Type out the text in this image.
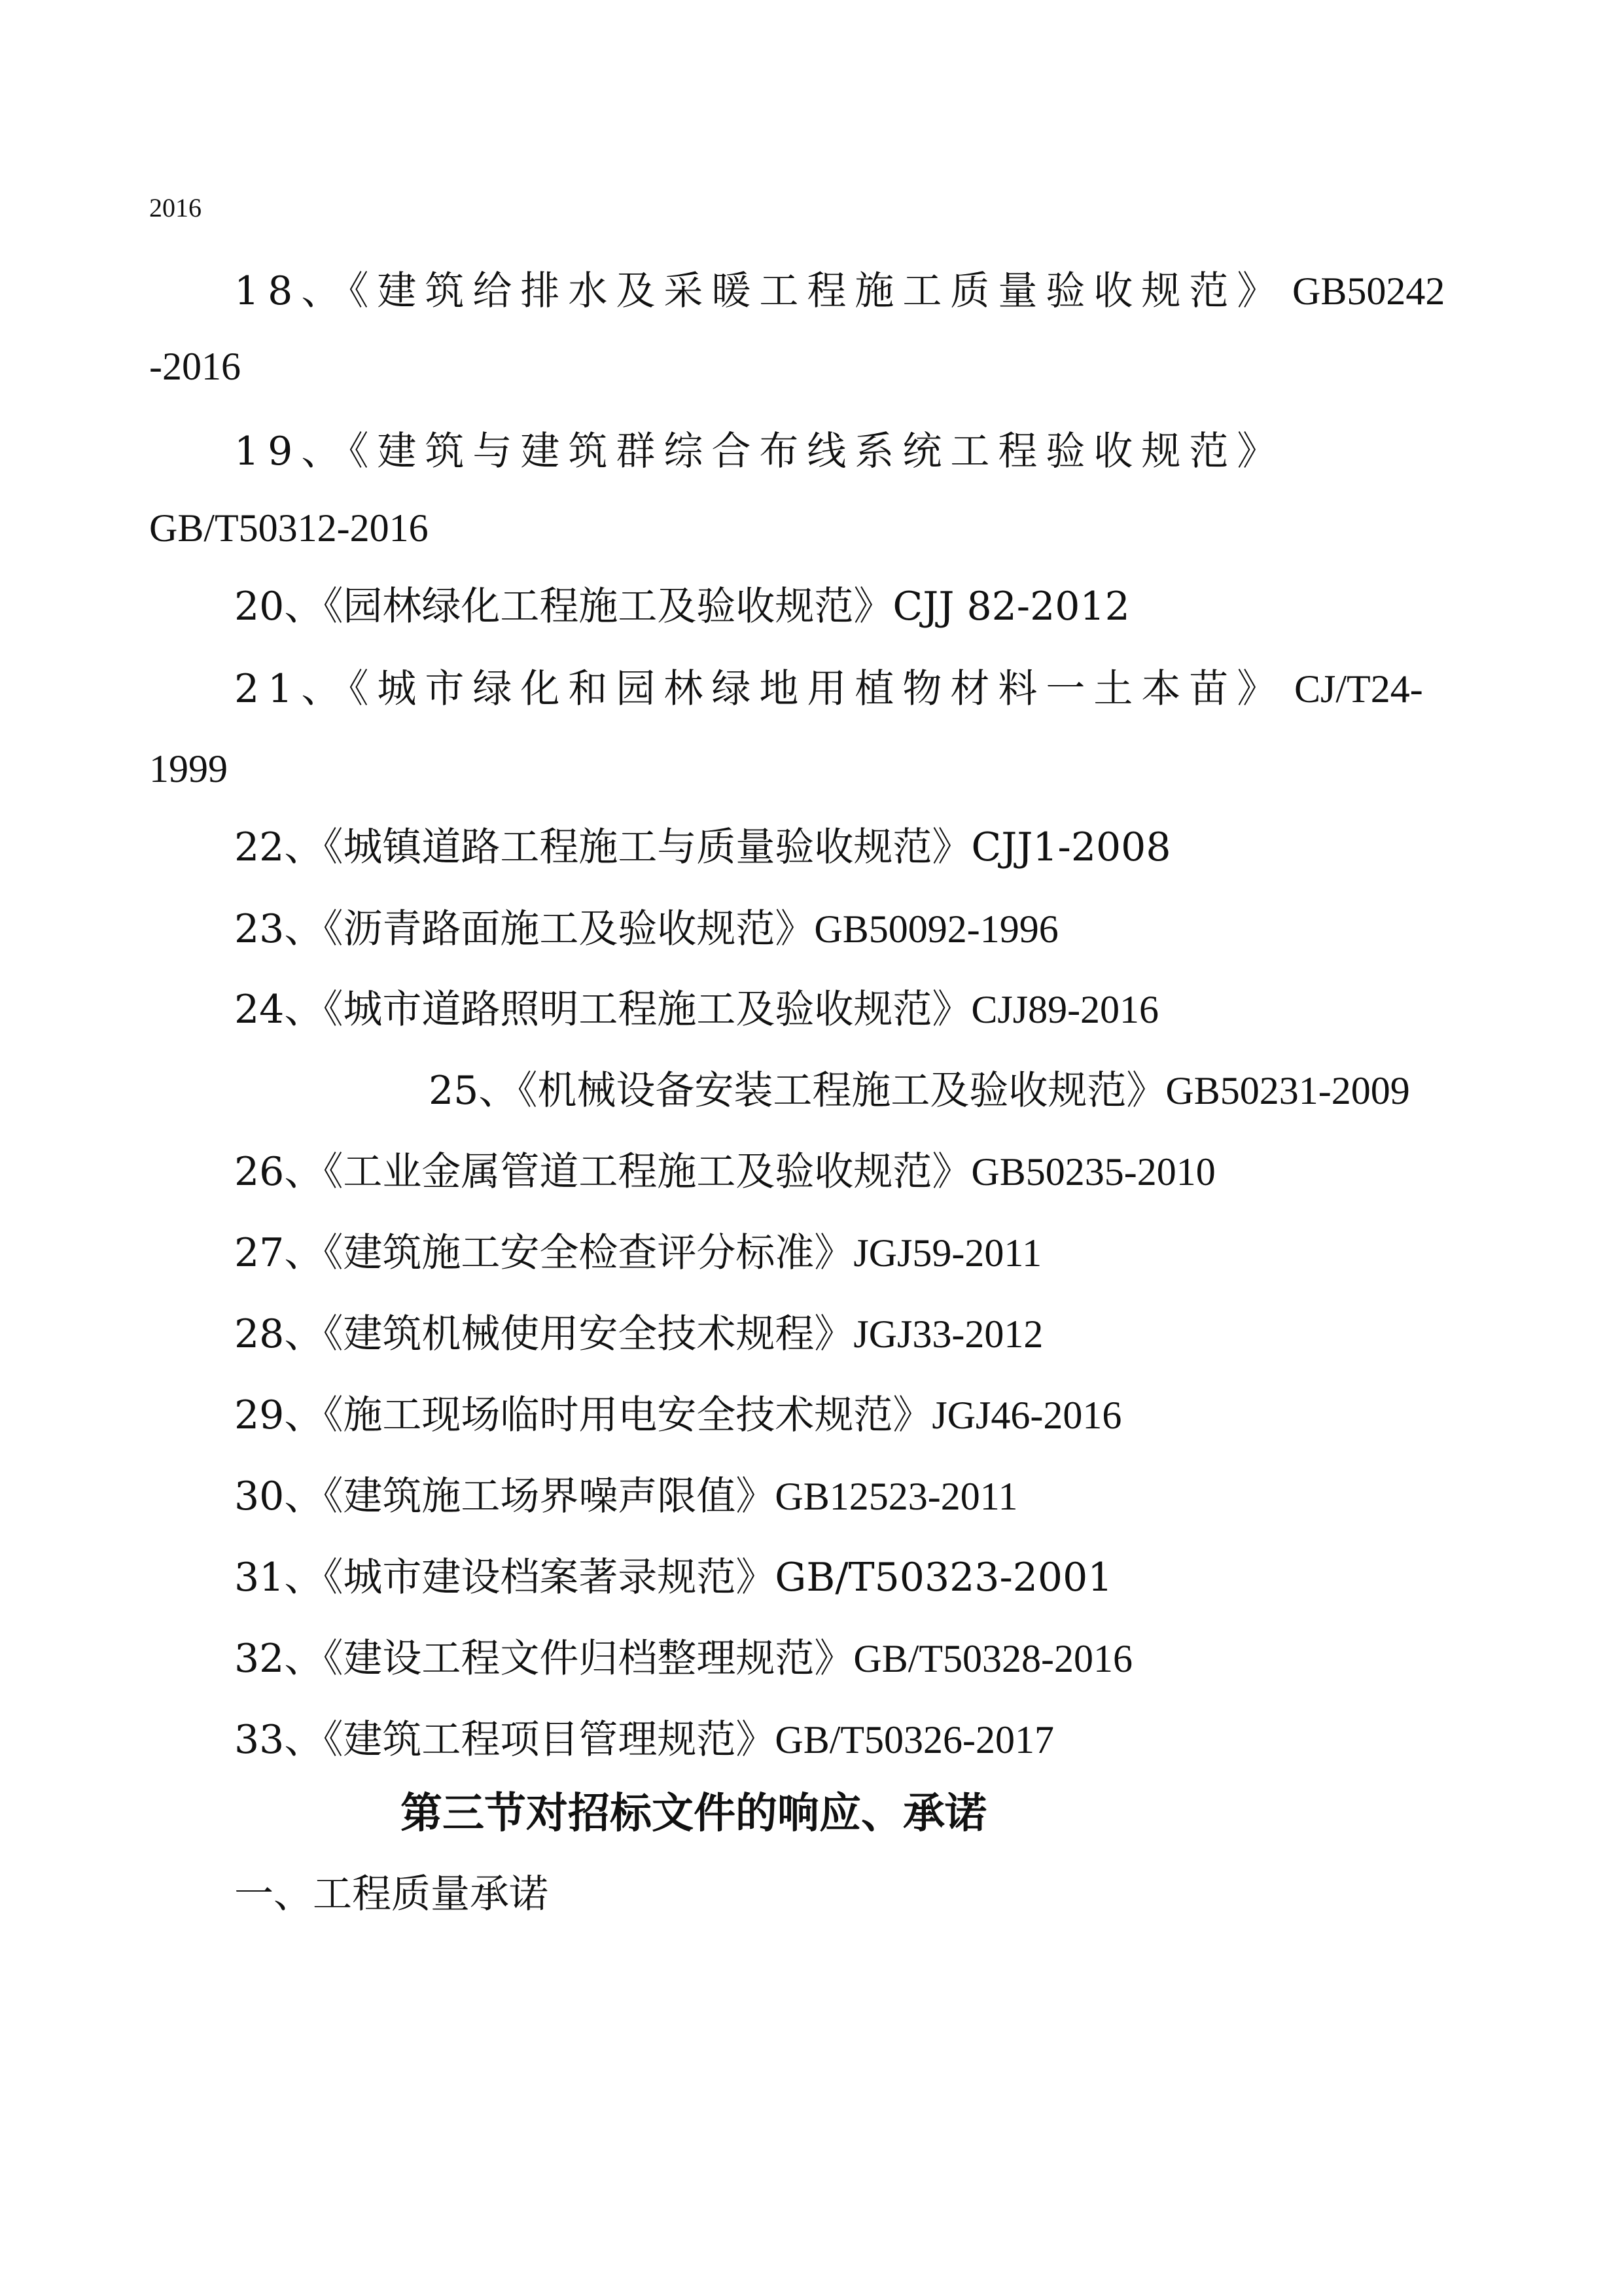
2016
18、《建筑给排水及采暖工程施工质量验收规范》 GB50242
-2016
19、《建筑与建筑群综合布线系统工程验收规范》
GB/T50312-2016
20、《园林绿化工程施工及验收规范》CJJ 82-2012
21、《城市绿化和园林绿地用植物材料一土本苗》 CJ/T24-
1999
22、《城镇道路工程施工与质量验收规范》CJJ1-2008
23、《沥青路面施工及验收规范》GB50092-1996
24、《城市道路照明工程施工及验收规范》CJJ89-2016
25、《机械设备安装工程施工及验收规范》GB50231-2009
26、《工业金属管道工程施工及验收规范》GB50235-2010
27、《建筑施工安全检查评分标准》JGJ59-2011
28、《建筑机械使用安全技术规程》JGJ33-2012
29、《施工现场临时用电安全技术规范》JGJ46-2016
30、《建筑施工场界噪声限值》GB12523-2011
31、《城市建设档案著录规范》GB/T50323-2001
32、《建设工程文件归档整理规范》GB/T50328-2016
33、《建筑工程项目管理规范》GB/T50326-2017
第三节对招标文件的响应、承诺
一、工程质量承诺
